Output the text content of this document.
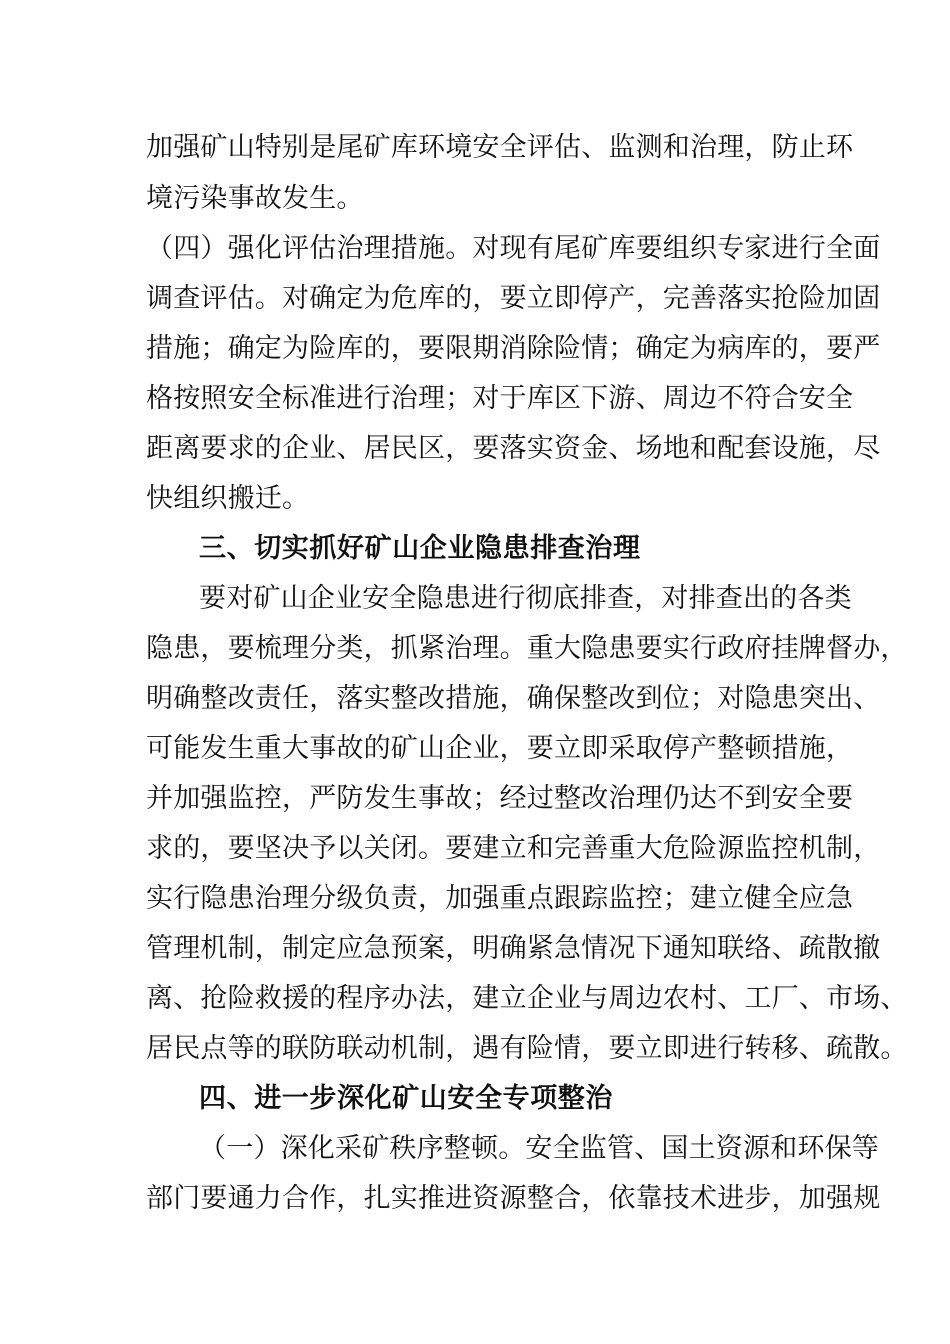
加强矿山特别是尾矿库环境安全评估、监测和治理，防止环
境污染事故发生。
（四）强化评估治理措施。对现有尾矿库要组织专家进行全面
调查评估。对确定为危库的，要立即停产，完善落实抢险加固
措施；确定为险库的，要限期消除险情；确定为病库的，要严
格按照安全标准进行治理；对于库区下游、周边不符合安全
距离要求的企业、居民区，要落实资金、场地和配套设施，尽
快组织搬迁。
三、切实抓好矿山企业隐患排查治理
要对矿山企业安全隐患进行彻底排查，对排查出的各类
隐患，要梳理分类，抓紧治理。重大隐患要实行政府挂牌督办，
明确整改责任，落实整改措施，确保整改到位；对隐患突出、
可能发生重大事故的矿山企业，要立即采取停产整顿措施，
并加强监控，严防发生事故；经过整改治理仍达不到安全要
求的，要坚决予以关闭。要建立和完善重大危险源监控机制，
实行隐患治理分级负责，加强重点跟踪监控；建立健全应急
管理机制，制定应急预案，明确紧急情况下通知联络、疏散撤
离、抢险救援的程序办法，建立企业与周边农村、工厂、市场、
居民点等的联防联动机制，遇有险情，要立即进行转移、疏散。
四、进一步深化矿山安全专项整治
（一）深化采矿秩序整顿。安全监管、国土资源和环保等
部门要通力合作，扎实推进资源整合，依靠技术进步，加强规
